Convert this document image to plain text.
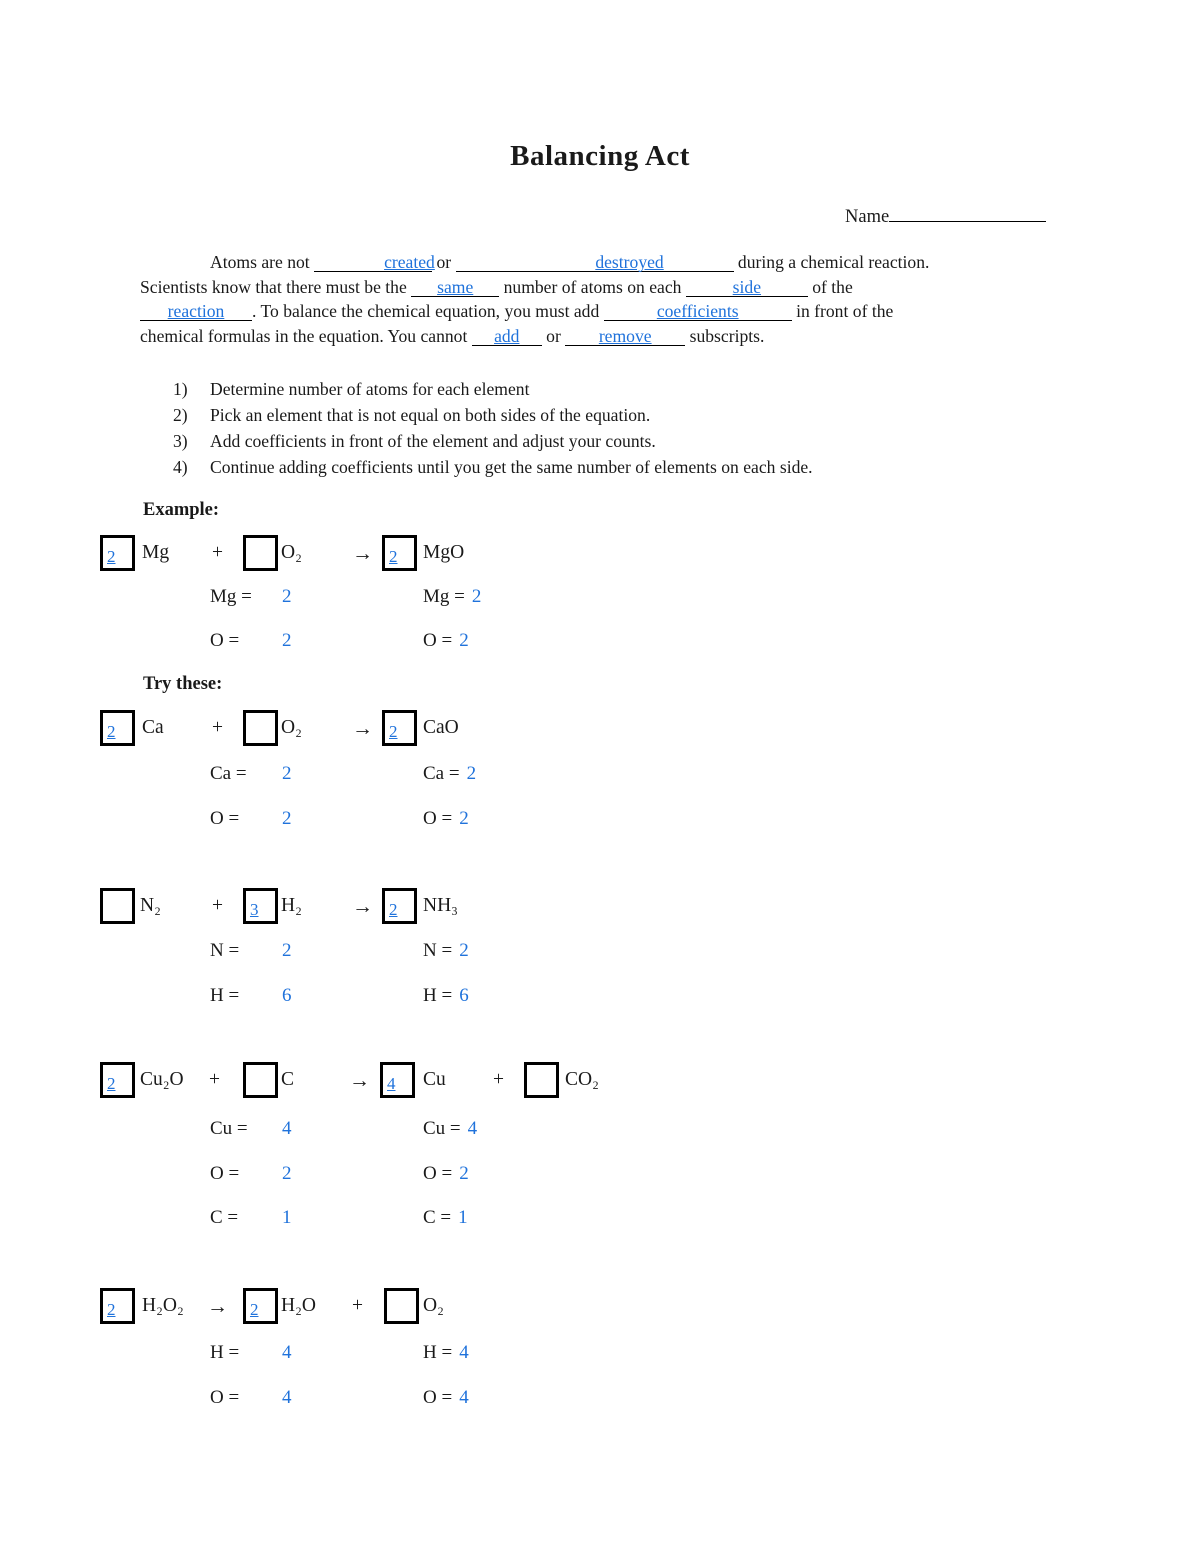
Balancing Act
Name
Atoms are not	created or	destroyed	during a chemical reaction.
Scientists know that there must be the same number of atoms on each	side	of the
reaction . To balance the chemical equation, you must add	coefficients	in front of the
chemical formulas in the equation. You cannot add or remove subscripts.
1) Determine number of atoms for each element
2) Pick an element that is not equal on both sides of the equation.
3) Add coefficients in front of the element and adjust your counts.
4) Continue adding coefficients until you get the same number of elements on each side.
Example:
2 Mg +	O₂ → 2 MgO
Mg = 2	Mg = 2
O = 2	O = 2
Try these:
2 Ca +	O₂ → 2 CaO
Ca = 2	Ca = 2
O = 2	O = 2
N₂	+ 3 H₂ → 2 NH₃
N = 2	N = 2
H = 6	H = 6
2 Cu₂O +	C	→ 4 Cu +	CO₂
Cu = 4	Cu = 4
O = 2	O = 2
C = 1	C = 1
2 H₂O₂ → 2 H₂O +	O₂
H = 4	H = 4
O = 4	O = 4
